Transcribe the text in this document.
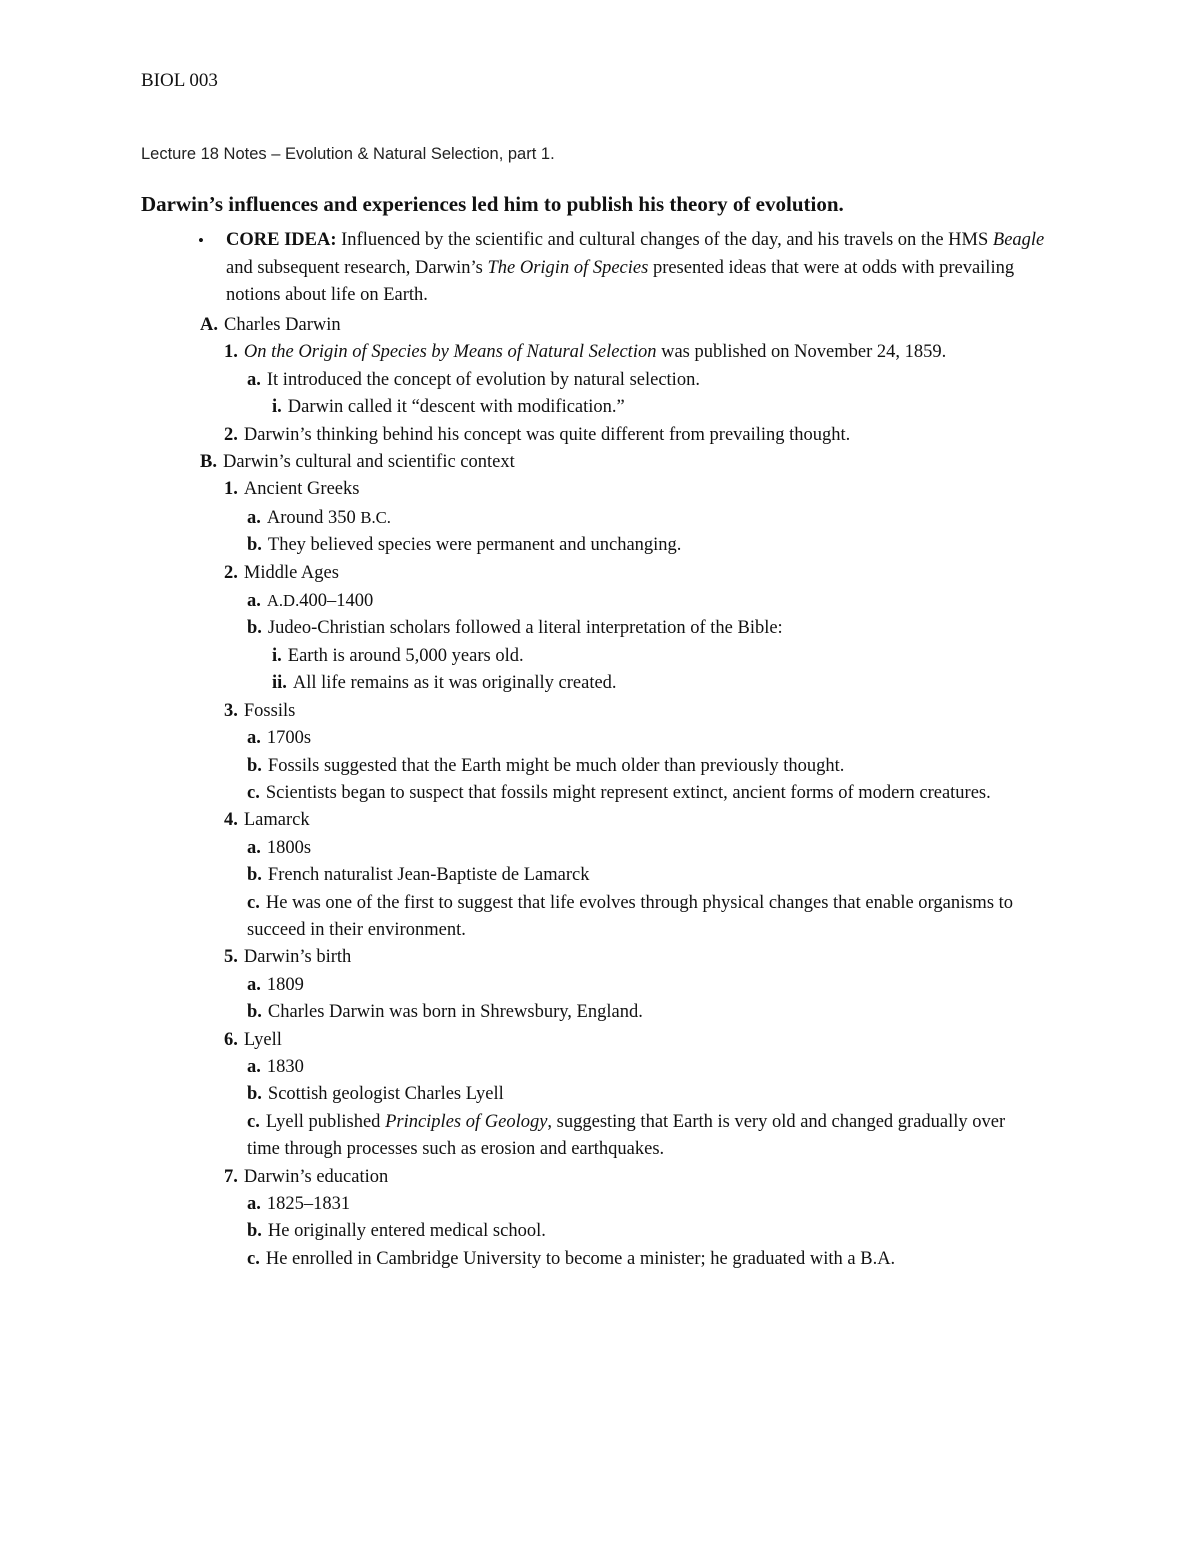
BIOL 003
Lecture 18 Notes – Evolution & Natural Selection, part 1.
Darwin’s influences and experiences led him to publish his theory of evolution.
• CORE IDEA: Influenced by the scientific and cultural changes of the day, and his travels on the HMS Beagle and subsequent research, Darwin’s The Origin of Species presented ideas that were at odds with prevailing notions about life on Earth.
A. Charles Darwin
1. On the Origin of Species by Means of Natural Selection was published on November 24, 1859.
a. It introduced the concept of evolution by natural selection.
i. Darwin called it “descent with modification.”
2. Darwin’s thinking behind his concept was quite different from prevailing thought.
B. Darwin’s cultural and scientific context
1. Ancient Greeks
a. Around 350 B.C.
b. They believed species were permanent and unchanging.
2. Middle Ages
a. A.D.400–1400
b. Judeo-Christian scholars followed a literal interpretation of the Bible:
i. Earth is around 5,000 years old.
ii. All life remains as it was originally created.
3. Fossils
a. 1700s
b. Fossils suggested that the Earth might be much older than previously thought.
c. Scientists began to suspect that fossils might represent extinct, ancient forms of modern creatures.
4. Lamarck
a. 1800s
b. French naturalist Jean-Baptiste de Lamarck
c. He was one of the first to suggest that life evolves through physical changes that enable organisms to succeed in their environment.
5. Darwin’s birth
a. 1809
b. Charles Darwin was born in Shrewsbury, England.
6. Lyell
a. 1830
b. Scottish geologist Charles Lyell
c. Lyell published Principles of Geology, suggesting that Earth is very old and changed gradually over time through processes such as erosion and earthquakes.
7. Darwin’s education
a. 1825–1831
b. He originally entered medical school.
c. He enrolled in Cambridge University to become a minister; he graduated with a B.A.
